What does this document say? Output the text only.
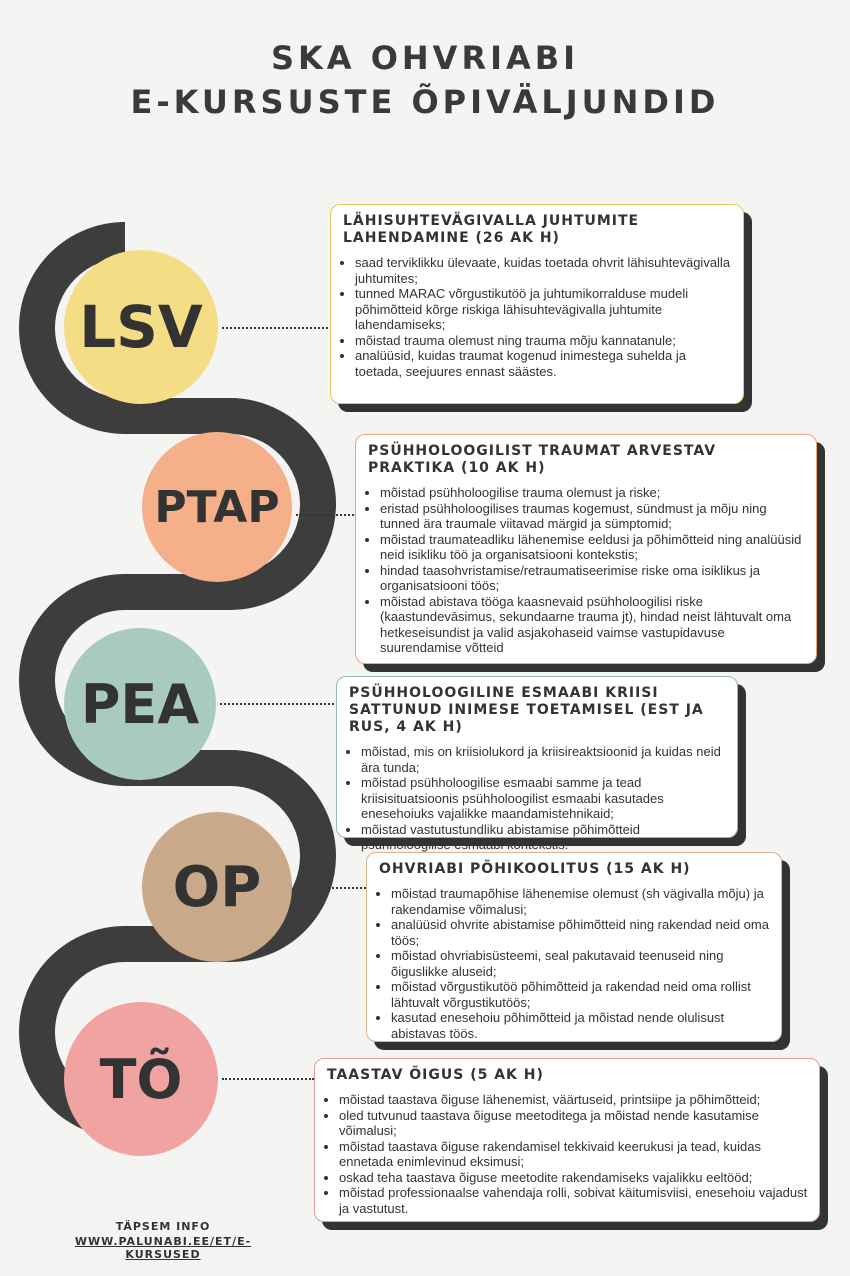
SKA OHVRIABI
E-KURSUSTE ÕPIVÄLJUNDID
LSV
PTAP
PEA
OP
TÕ
LÄHISUHTEVÄGIVALLA JUHTUMITE LAHENDAMINE (26 AK H)
• saad terviklikku ülevaate, kuidas toetada ohvrit lähisuhtevägivalla juhtumites;
• tunned MARAC võrgustikutöö ja juhtumikorralduse mudeli põhimõtteid kõrge riskiga lähisuhtevägivalla juhtumite lahendamiseks;
• mõistad trauma olemust ning trauma mõju kannatanule;
• analüüsid, kuidas traumat kogenud inimestega suhelda ja toetada, seejuures ennast säästes.
PSÜHHOLOOGILIST TRAUMAT ARVESTAV PRAKTIKA (10 AK H)
• mõistad psühholoogilise trauma olemust ja riske;
• eristad psühholoogilises traumas kogemust, sündmust ja mõju ning tunned ära traumale viitavad märgid ja sümptomid;
• mõistad traumateadliku lähenemise eeldusi ja põhimõtteid ning analüüsid neid isikliku töö ja organisatsiooni kontekstis;
• hindad taasohvristamise/retraumatiseerimise riske oma isiklikus ja organisatsiooni töös;
• mõistad abistava tööga kaasnevaid psühholoogilisi riske (kaastundevāsimus, sekundaarne trauma jt), hindad neist lähtuvalt oma hetkeseisundist ja valid asjakohaseid vaimse vastupidavuse suurendamise võtteid
PSÜHHOLOOGILINE ESMAABI KRIISI SATTUNUD INIMESE TOETAMISEL (EST JA RUS, 4 AK H)
• mõistad, mis on kriisiolukord ja kriisireaktsioonid ja kuidas neid ära tunda;
• mõistad psühholoogilise esmaabi samme ja tead kriisisituatsioonis psühholoogilist esmaabi kasutades enesehoiuks vajalikke maandamistehnikaid;
• mõistad vastutustundliku abistamise põhimõtteid psühholoogilise esmaabi kontekstis.
OHVRIABI PÕHIKOOLITUS (15 AK H)
• mõistad traumapõhise lähenemise olemust (sh vägivalla mõju) ja rakendamise võimalusi;
• analüüsid ohvrite abistamise põhimõtteid ning rakendad neid oma töös;
• mõistad ohvriabisüsteemi, seal pakutavaid teenuseid ning õiguslikke aluseid;
• mõistad võrgustikutöö põhimõtteid ja rakendad neid oma rollist lähtuvalt võrgustikutöös;
• kasutad enesehoiu põhimõtteid ja mõistad nende olulisust abistavas töös.
TAASTAV ÕIGUS (5 AK H)
• mõistad taastava õiguse lähenemist, väärtuseid, printsiipe ja põhimõtteid;
• oled tutvunud taastava õiguse meetoditega ja mõistad nende kasutamise võimalusi;
• mõistad taastava õiguse rakendamisel tekkivaid keerukusi ja tead, kuidas ennetada enimlevinud eksimusi;
• oskad teha taastava õiguse meetodite rakendamiseks vajalikku eeltööd;
• mõistad professionaalse vahendaja rolli, sobivat käitumisviisi, enesehoiu vajadust ja vastutust.
TÄPSEM INFO
WWW.PALUNABI.EE/ET/E-KURSUSED
